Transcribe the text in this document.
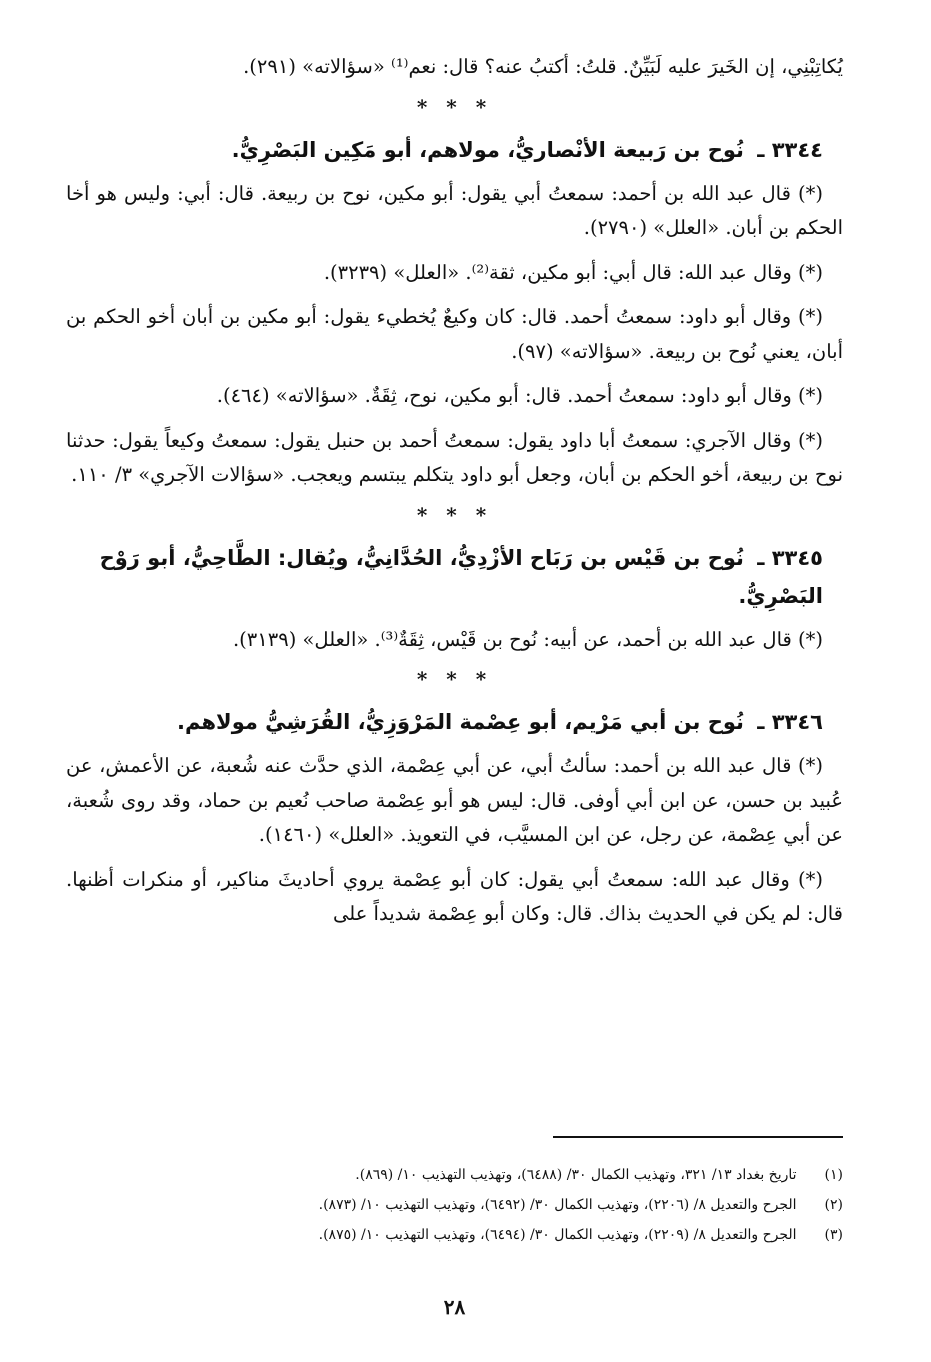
يُكاتِبْنِي، إن الخَيرَ عليه لَبَيِّنٌ. قلتُ: أكتبُ عنه؟ قال: نعم⁽¹⁾ «سؤالاته» (٢٩١).

* * *
٣٣٤٤ ـ نُوح بن رَبيعة الأنْصاريُّ، مولاهم، أبو مَكِين البَصْرِيُّ.

(*) قال عبد الله بن أحمد: سمعتُ أبي يقول: أبو مكين، نوح بن ربيعة. قال: أبي: وليس هو أخا الحكم بن أبان. «العلل» (٢٧٩٠).

(*) وقال عبد الله: قال أبي: أبو مكين، ثقة⁽²⁾. «العلل» (٣٢٣٩).

(*) وقال أبو داود: سمعتُ أحمد. قال: كان وكيعٌ يُخطيء يقول: أبو مكين بن أبان أخو الحكم بن أبان، يعني نُوح بن ربيعة. «سؤالاته» (٩٧).

(*) وقال أبو داود: سمعتُ أحمد. قال: أبو مكين، نوح، ثِقَةٌ. «سؤالاته» (٤٦٤).

(*) وقال الآجري: سمعتُ أبا داود يقول: سمعتُ أحمد بن حنبل يقول: سمعتُ وكيعاً يقول: حدثنا نوح بن ربيعة، أخو الحكم بن أبان، وجعل أبو داود يتكلم يبتسم ويعجب. «سؤالات الآجري» ٣/ ١١٠.

* * *
٣٣٤٥ ـ نُوح بن قَيْس بن رَبَاح الأزْدِيُّ، الحُدَّانِيُّ، ويُقال: الطَّاحِيُّ، أبو رَوْح البَصْرِيُّ.

(*) قال عبد الله بن أحمد، عن أبيه: نُوح بن قَيْس، ثِقَةٌ⁽³⁾. «العلل» (٣١٣٩).

* * *
٣٣٤٦ ـ نُوح بن أبي مَرْيم، أبو عِصْمة المَرْوَزِيُّ، القُرَشِيُّ مولاهم.

(*) قال عبد الله بن أحمد: سألتُ أبي، عن أبي عِصْمة، الذي حدَّث عنه شُعبة، عن الأعمش، عن عُبيد بن حسن، عن ابن أبي أوفى. قال: ليس هو أبو عِصْمة صاحب نُعيم بن حماد، وقد روى شُعبة، عن أبي عِصْمة، عن رجل، عن ابن المسيَّب، في التعويذ. «العلل» (١٤٦٠).

(*) وقال عبد الله: سمعتُ أبي يقول: كان أبو عِصْمة يروي أحاديثَ مناكير، أو منكرات أظنها. قال: لم يكن في الحديث بذاك. قال: وكان أبو عِصْمة شديداً على

(١) تاريخ بغداد ١٣/ ٣٢١، وتهذيب الكمال ٣٠/ (٦٤٨٨)، وتهذيب التهذيب ١٠/ (٨٦٩).

(٢) الجرح والتعديل ٨/ (٢٢٠٦)، وتهذيب الكمال ٣٠/ (٦٤٩٢)، وتهذيب التهذيب ١٠/ (٨٧٣).

(٣) الجرح والتعديل ٨/ (٢٢٠٩)، وتهذيب الكمال ٣٠/ (٦٤٩٤)، وتهذيب التهذيب ١٠/ (٨٧٥).

٢٨
